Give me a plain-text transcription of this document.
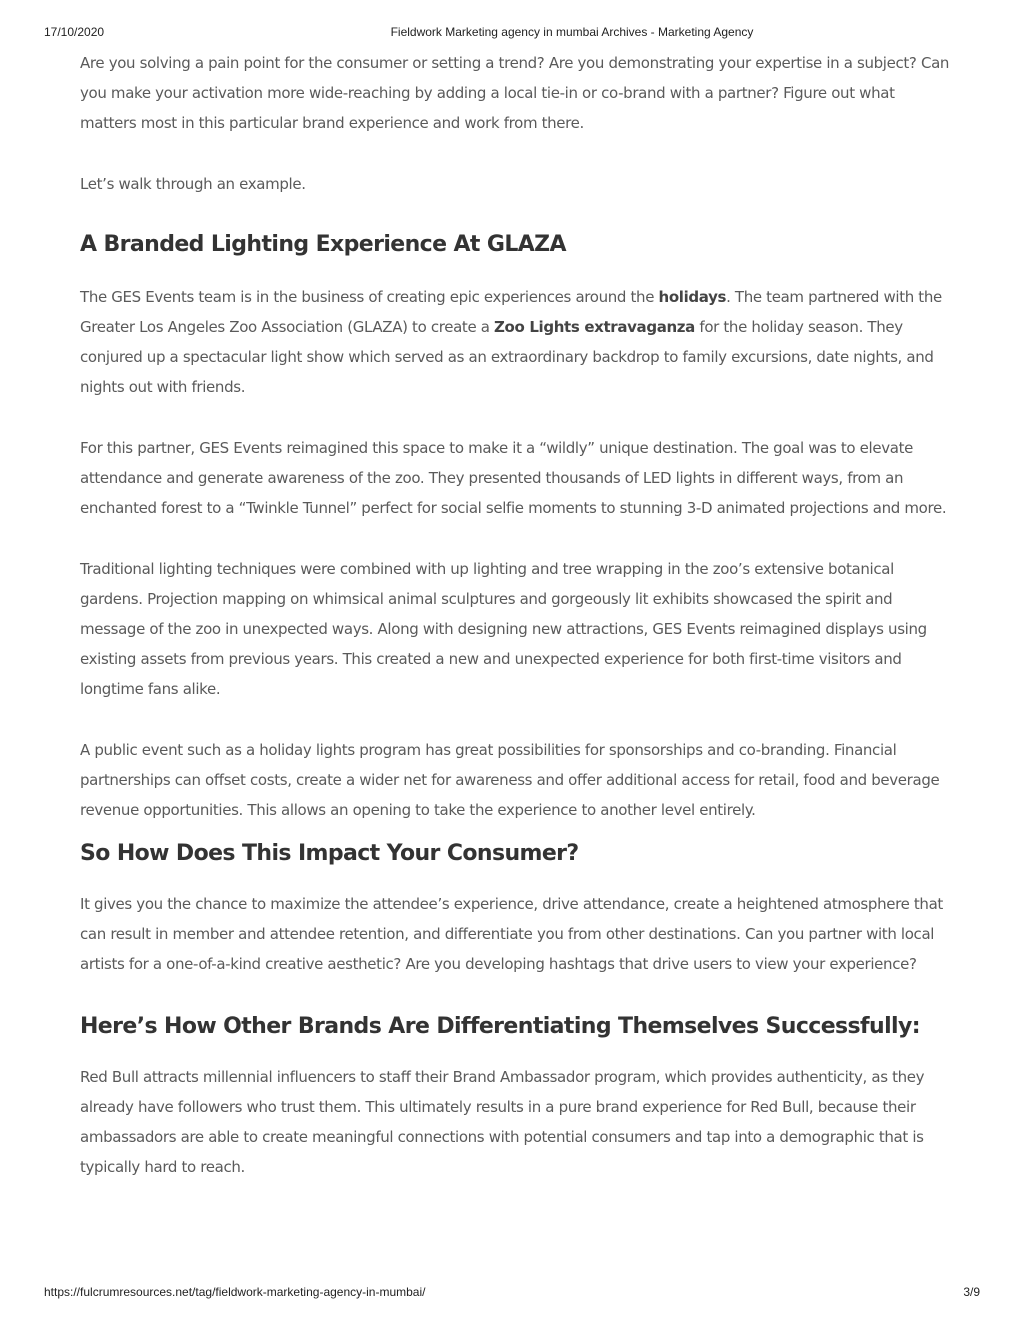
17/10/2020	Fieldwork Marketing agency in mumbai Archives - Marketing Agency

Are you solving a pain point for the consumer or setting a trend? Are you demonstrating your expertise in a subject? Can you make your activation more wide-reaching by adding a local tie-in or co-brand with a partner? Figure out what matters most in this particular brand experience and work from there.

Let’s walk through an example.

A Branded Lighting Experience At GLAZA

The GES Events team is in the business of creating epic experiences around the holidays. The team partnered with the Greater Los Angeles Zoo Association (GLAZA) to create a Zoo Lights extravaganza for the holiday season. They conjured up a spectacular light show which served as an extraordinary backdrop to family excursions, date nights, and nights out with friends.

For this partner, GES Events reimagined this space to make it a “wildly” unique destination. The goal was to elevate attendance and generate awareness of the zoo. They presented thousands of LED lights in different ways, from an enchanted forest to a “Twinkle Tunnel” perfect for social selfie moments to stunning 3-D animated projections and more.

Traditional lighting techniques were combined with up lighting and tree wrapping in the zoo’s extensive botanical gardens. Projection mapping on whimsical animal sculptures and gorgeously lit exhibits showcased the spirit and message of the zoo in unexpected ways. Along with designing new attractions, GES Events reimagined displays using existing assets from previous years. This created a new and unexpected experience for both first-time visitors and longtime fans alike.

A public event such as a holiday lights program has great possibilities for sponsorships and co-branding. Financial partnerships can offset costs, create a wider net for awareness and offer additional access for retail, food and beverage revenue opportunities. This allows an opening to take the experience to another level entirely.

So How Does This Impact Your Consumer?

It gives you the chance to maximize the attendee’s experience, drive attendance, create a heightened atmosphere that can result in member and attendee retention, and differentiate you from other destinations. Can you partner with local artists for a one-of-a-kind creative aesthetic? Are you developing hashtags that drive users to view your experience?

Here’s How Other Brands Are Differentiating Themselves Successfully:

Red Bull attracts millennial influencers to staff their Brand Ambassador program, which provides authenticity, as they already have followers who trust them. This ultimately results in a pure brand experience for Red Bull, because their ambassadors are able to create meaningful connections with potential consumers and tap into a demographic that is typically hard to reach.

https://fulcrumresources.net/tag/fieldwork-marketing-agency-in-mumbai/	3/9
